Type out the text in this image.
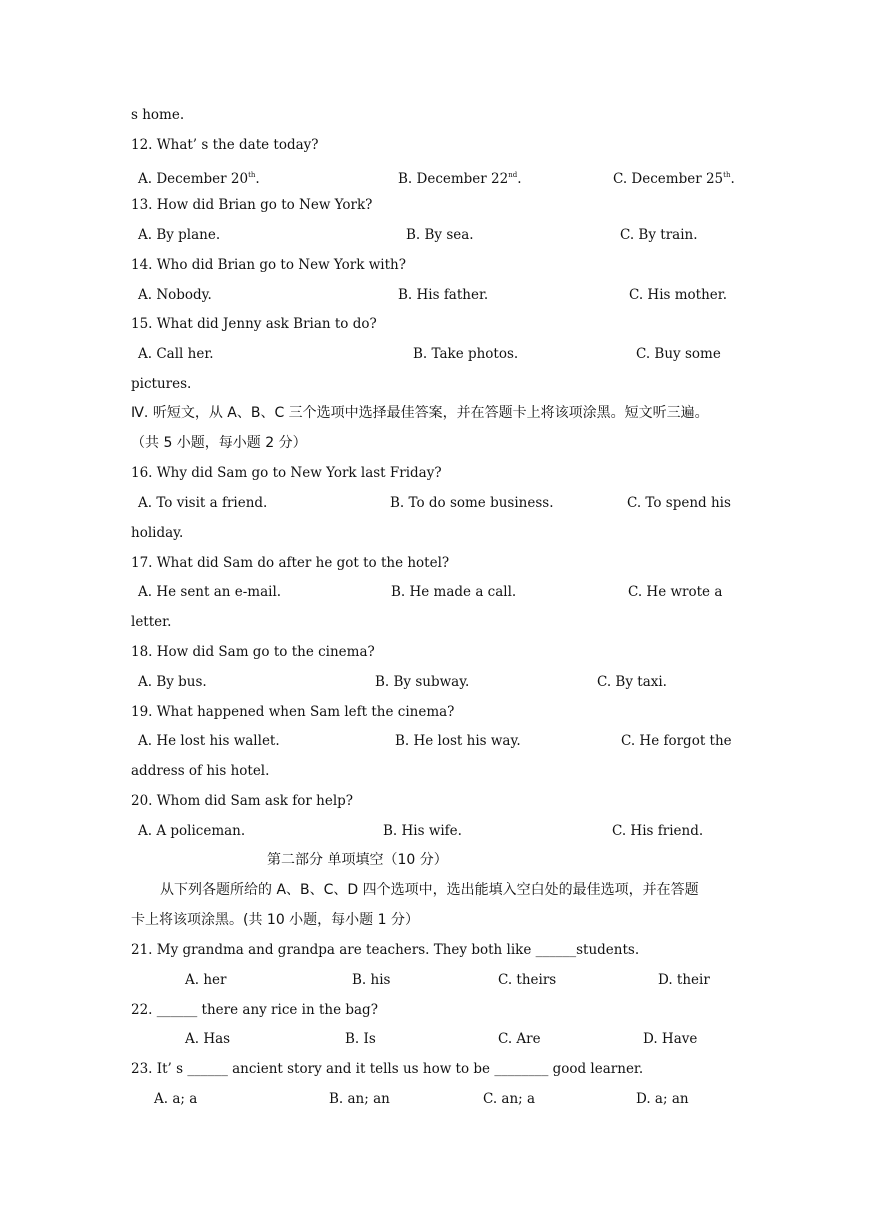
A. December 20th.	B. December 22nd.	C. December 25th.
s home.
12. What’ s the date today?
13. How did Brian go to New York?
14. Who did Brian go to New York with?
15. What did Jenny ask Brian to do?
pictures.
16. Why did Sam go to New York last Friday?
holiday.
17. What did Sam do after he got to the hotel?
letter.
18. How did Sam go to the cinema?
19. What happened when Sam left the cinema?
address of his hotel.
20. Whom did Sam ask for help?
21. My grandma and grandpa are teachers. They both like ______students.
22. ______ there any rice in the bag?
23. It’ s ______ ancient story and it tells us how to be ________ good learner.
A. By plane.	B. By sea.	C. By train.
A. Nobody.	B. His father.	C. His mother.
A. Call her.	B. Take photos.	C. Buy some
A. To visit a friend.	B. To do some business.	C. To spend his
A. He sent an e-mail.	B. He made a call.	C. He wrote a
A. By bus.	B. By subway.	C. By taxi.
A. He lost his wallet.	B. He lost his way.	C. He forgot the
A. A policeman.	B. His wife.	C. His friend.
A. her	B. his	C. theirs	D. their
A. Has	B. Is	C. Are	D. Have
A. a; a	B. an; an	C. an; a	D. a; an
Ⅳ. 听短文，从 A、B、C 三个选项中选择最佳答案，并在答题卡上将该项涂黑。短文听三遍。
（共 5 小题，每小题 2 分）
第二部分 单项填空（10 分）
从下列各题所给的 A、B、C、D 四个选项中，选出能填入空白处的最佳选项，并在答题
卡上将该项涂黑。(共 10 小题，每小题 1 分）
